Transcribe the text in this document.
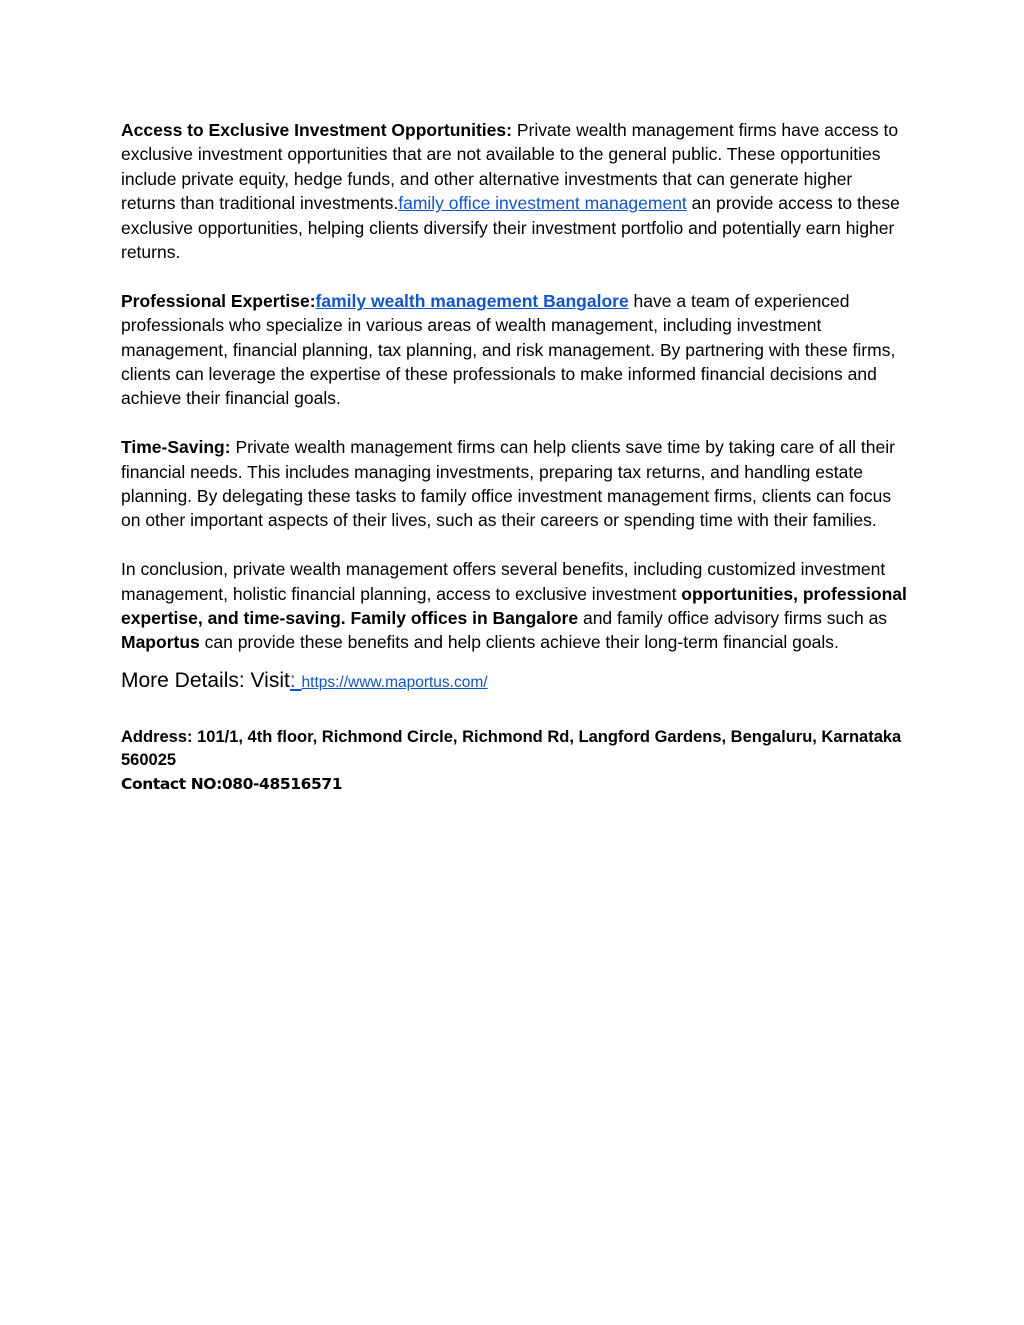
Access to Exclusive Investment Opportunities: Private wealth management firms have access to exclusive investment opportunities that are not available to the general public. These opportunities include private equity, hedge funds, and other alternative investments that can generate higher returns than traditional investments.family office investment management an provide access to these exclusive opportunities, helping clients diversify their investment portfolio and potentially earn higher returns.

Professional Expertise:family wealth management Bangalore have a team of experienced professionals who specialize in various areas of wealth management, including investment management, financial planning, tax planning, and risk management. By partnering with these firms, clients can leverage the expertise of these professionals to make informed financial decisions and achieve their financial goals.

Time-Saving: Private wealth management firms can help clients save time by taking care of all their financial needs. This includes managing investments, preparing tax returns, and handling estate planning. By delegating these tasks to family office investment management firms, clients can focus on other important aspects of their lives, such as their careers or spending time with their families.

In conclusion, private wealth management offers several benefits, including customized investment management, holistic financial planning, access to exclusive investment opportunities, professional expertise, and time-saving. Family offices in Bangalore and family office advisory firms such as Maportus can provide these benefits and help clients achieve their long-term financial goals.

More Details: Visit: https://www.maportus.com/
Address: 101/1, 4th floor, Richmond Circle, Richmond Rd, Langford Gardens, Bengaluru, Karnataka 560025
Contact NO:080-48516571
